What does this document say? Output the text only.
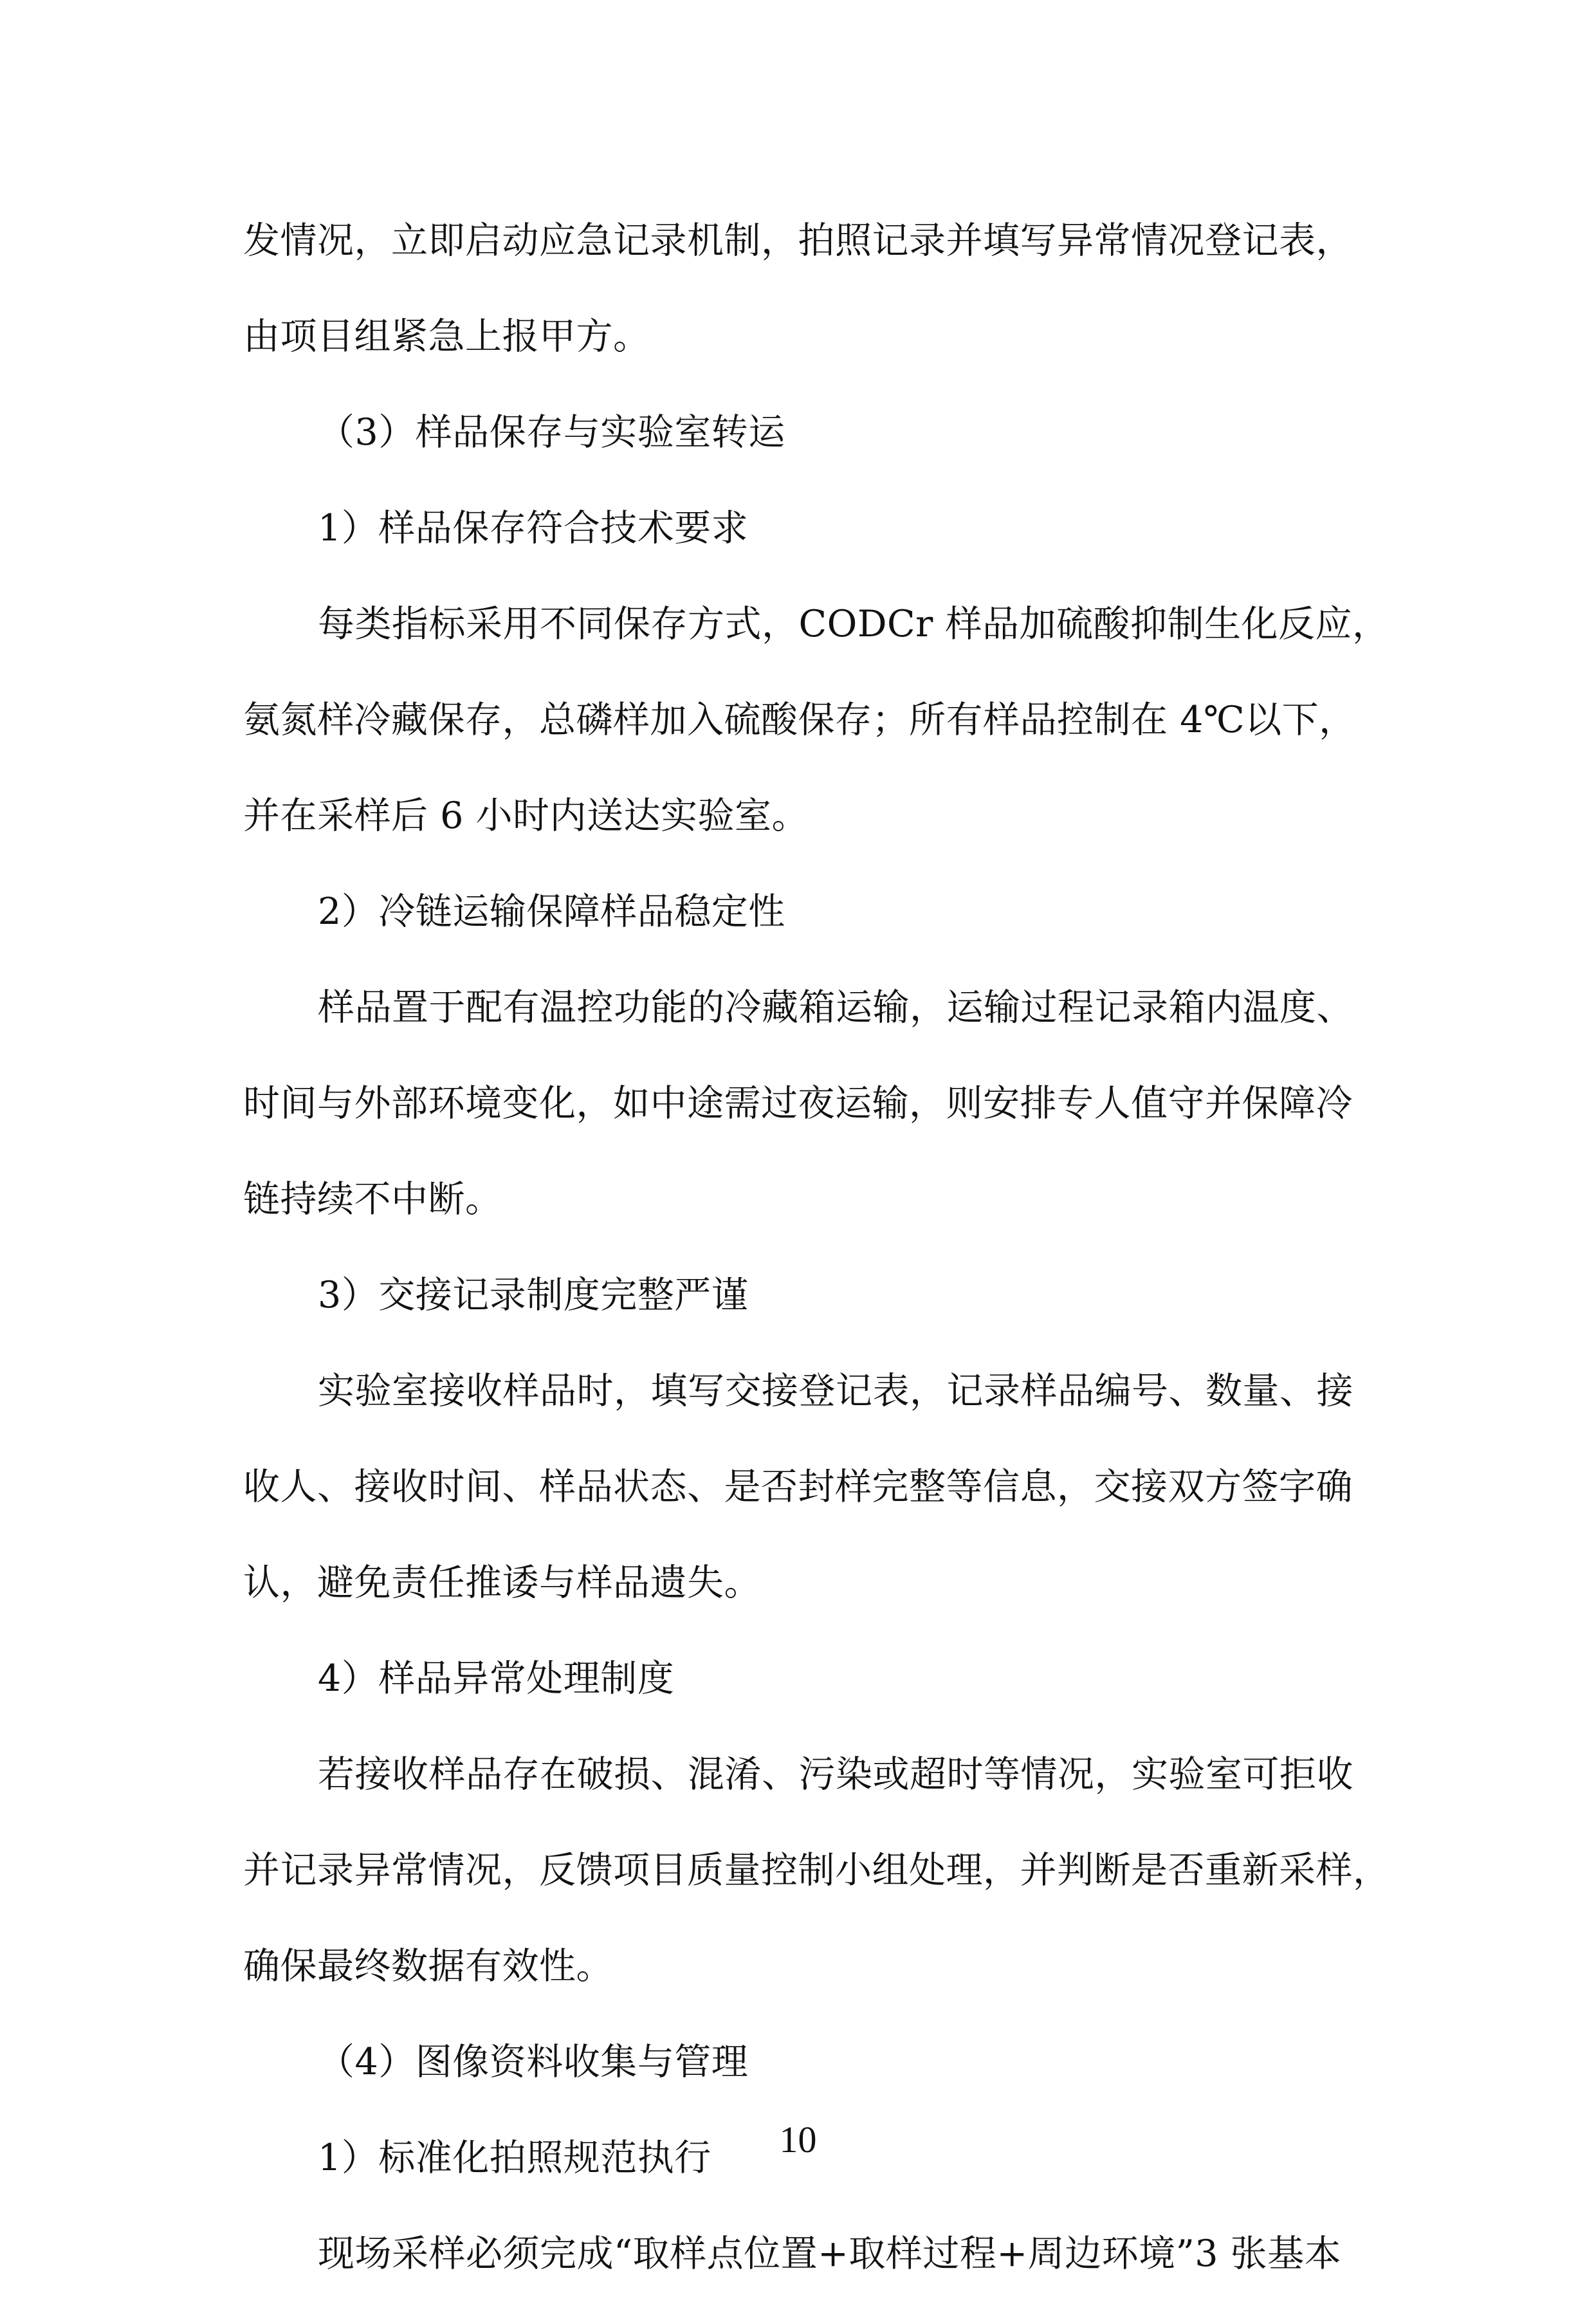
发情况，立即启动应急记录机制，拍照记录并填写异常情况登记表，
由项目组紧急上报甲方。
（3）样品保存与实验室转运
1）样品保存符合技术要求
每类指标采用不同保存方式，CODCr 样品加硫酸抑制生化反应，
氨氮样冷藏保存，总磷样加入硫酸保存；所有样品控制在 4℃以下，
并在采样后 6 小时内送达实验室。
2）冷链运输保障样品稳定性
样品置于配有温控功能的冷藏箱运输，运输过程记录箱内温度、
时间与外部环境变化，如中途需过夜运输，则安排专人值守并保障冷
链持续不中断。
3）交接记录制度完整严谨
实验室接收样品时，填写交接登记表，记录样品编号、数量、接
收人、接收时间、样品状态、是否封样完整等信息，交接双方签字确
认，避免责任推诿与样品遗失。
4）样品异常处理制度
若接收样品存在破损、混淆、污染或超时等情况，实验室可拒收
并记录异常情况，反馈项目质量控制小组处理，并判断是否重新采样，
确保最终数据有效性。
（4）图像资料收集与管理
1）标准化拍照规范执行
现场采样必须完成“取样点位置+取样过程+周边环境”3 张基本
10
